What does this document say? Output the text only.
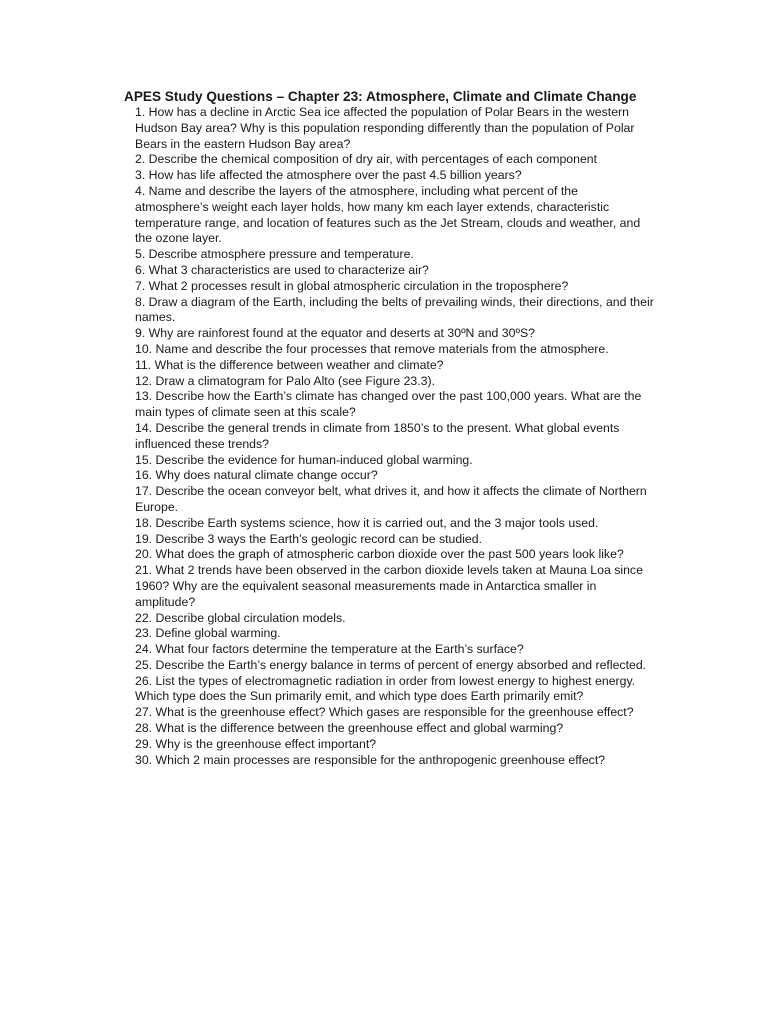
APES Study Questions – Chapter 23: Atmosphere, Climate and Climate Change
1. How has a decline in Arctic Sea ice affected the population of Polar Bears in the western Hudson Bay area? Why is this population responding differently than the population of Polar Bears in the eastern Hudson Bay area?
2. Describe the chemical composition of dry air, with percentages of each component
3. How has life affected the atmosphere over the past 4.5 billion years?
4. Name and describe the layers of the atmosphere, including what percent of the atmosphere’s weight each layer holds, how many km each layer extends, characteristic temperature range, and location of features such as the Jet Stream, clouds and weather, and the ozone layer.
5. Describe atmosphere pressure and temperature.
6. What 3 characteristics are used to characterize air?
7. What 2 processes result in global atmospheric circulation in the troposphere?
8. Draw a diagram of the Earth, including the belts of prevailing winds, their directions, and their names.
9. Why are rainforest found at the equator and deserts at 30ºN and 30ºS?
10. Name and describe the four processes that remove materials from the atmosphere.
11. What is the difference between weather and climate?
12. Draw a climatogram for Palo Alto (see Figure 23.3).
13. Describe how the Earth’s climate has changed over the past 100,000 years. What are the main types of climate seen at this scale?
14. Describe the general trends in climate from 1850’s to the present. What global events influenced these trends?
15. Describe the evidence for human-induced global warming.
16. Why does natural climate change occur?
17. Describe the ocean conveyor belt, what drives it, and how it affects the climate of Northern Europe.
18. Describe Earth systems science, how it is carried out, and the 3 major tools used.
19. Describe 3 ways the Earth’s geologic record can be studied.
20. What does the graph of atmospheric carbon dioxide over the past 500 years look like?
21. What 2 trends have been observed in the carbon dioxide levels taken at Mauna Loa since 1960? Why are the equivalent seasonal measurements made in Antarctica smaller in amplitude?
22. Describe global circulation models.
23. Define global warming.
24. What four factors determine the temperature at the Earth’s surface?
25. Describe the Earth’s energy balance in terms of percent of energy absorbed and reflected.
26. List the types of electromagnetic radiation in order from lowest energy to highest energy. Which type does the Sun primarily emit, and which type does Earth primarily emit?
27. What is the greenhouse effect? Which gases are responsible for the greenhouse effect?
28. What is the difference between the greenhouse effect and global warming?
29. Why is the greenhouse effect important?
30. Which 2 main processes are responsible for the anthropogenic greenhouse effect?
